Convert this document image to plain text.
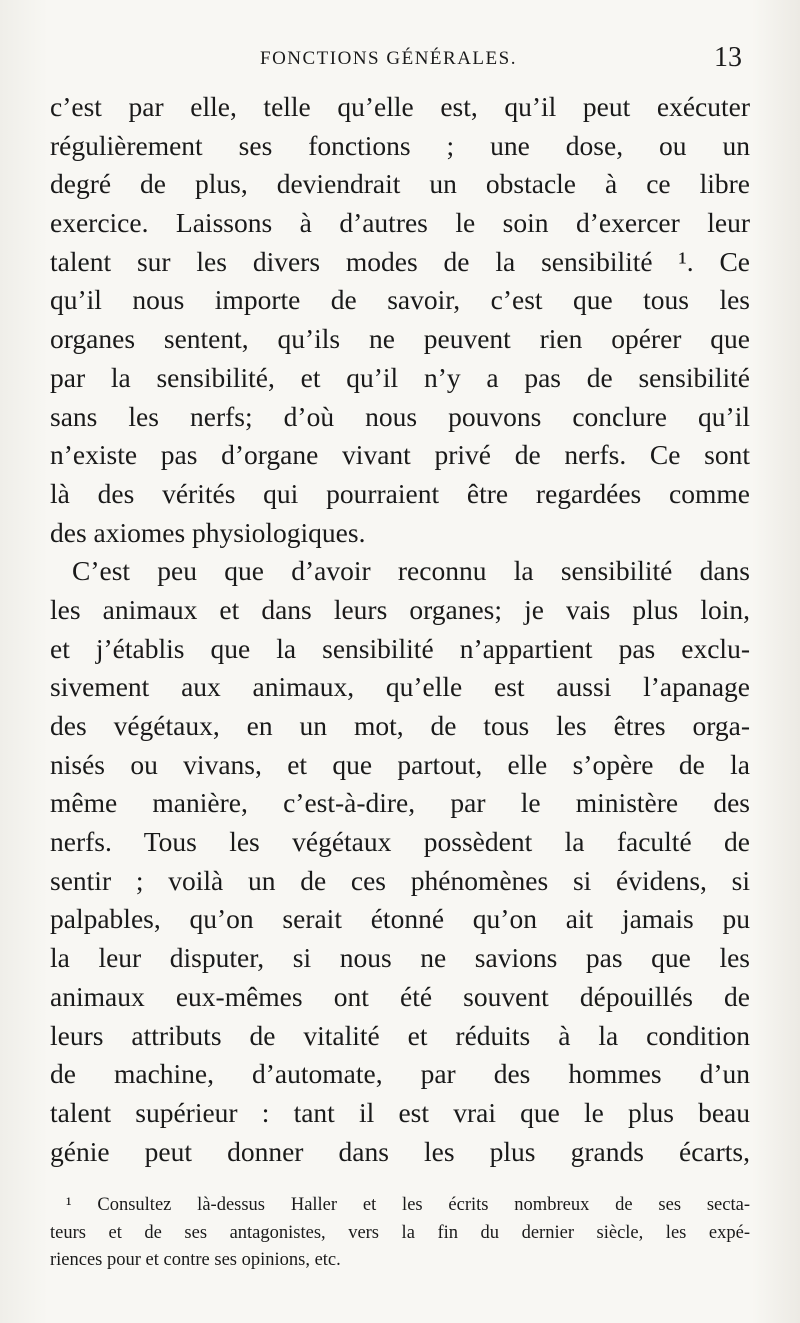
FONCTIONS GÉNÉRALES.	13
c’est par elle, telle qu’elle est, qu’il peut exécuter
régulièrement ses fonctions ; une dose, ou un
degré de plus, deviendrait un obstacle à ce libre
exercice. Laissons à d’autres le soin d’exercer leur
talent sur les divers modes de la sensibilité ¹. Ce
qu’il nous importe de savoir, c’est que tous les
organes sentent, qu’ils ne peuvent rien opérer que
par la sensibilité, et qu’il n’y a pas de sensibilité
sans les nerfs; d’où nous pouvons conclure qu’il
n’existe pas d’organe vivant privé de nerfs. Ce sont
là des vérités qui pourraient être regardées comme
des axiomes physiologiques.
C’est peu que d’avoir reconnu la sensibilité dans
les animaux et dans leurs organes; je vais plus loin,
et j’établis que la sensibilité n’appartient pas exclu-
sivement aux animaux, qu’elle est aussi l’apanage
des végétaux, en un mot, de tous les êtres orga-
nisés ou vivans, et que partout, elle s’opère de la
même manière, c’est-à-dire, par le ministère des
nerfs. Tous les végétaux possèdent la faculté de
sentir ; voilà un de ces phénomènes si évidens, si
palpables, qu’on serait étonné qu’on ait jamais pu
la leur disputer, si nous ne savions pas que les
animaux eux-mêmes ont été souvent dépouillés de
leurs attributs de vitalité et réduits à la condition
de machine, d’automate, par des hommes d’un
talent supérieur : tant il est vrai que le plus beau
génie peut donner dans les plus grands écarts,
¹ Consultez là-dessus Haller et les écrits nombreux de ses secta-
teurs et de ses antagonistes, vers la fin du dernier siècle, les expé-
riences pour et contre ses opinions, etc.
